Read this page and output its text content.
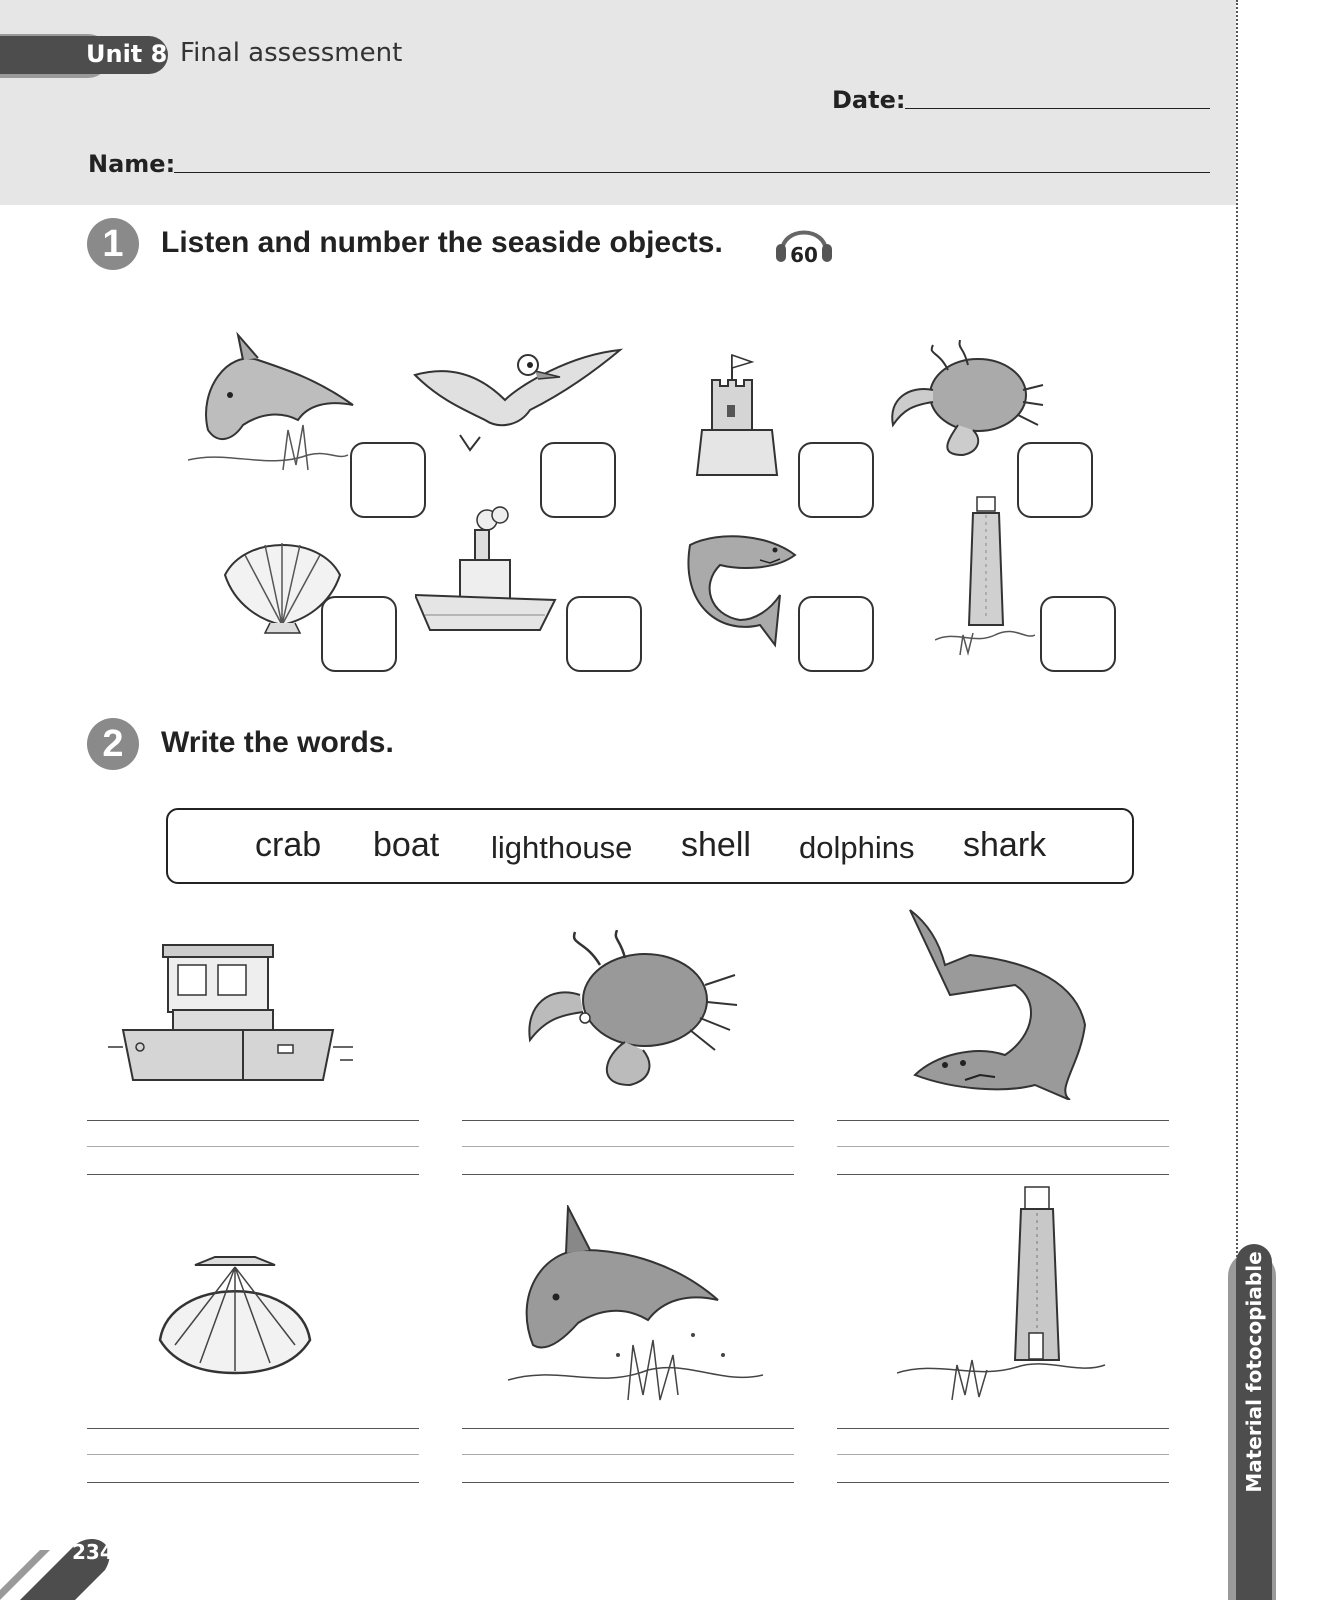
Unit 8 Final assessment
Date:
Name:
1	Listen and number the seaside objects.	60
2	Write the words.
crab boat lighthouse shell dolphins shark
Material fotocopiable
234
